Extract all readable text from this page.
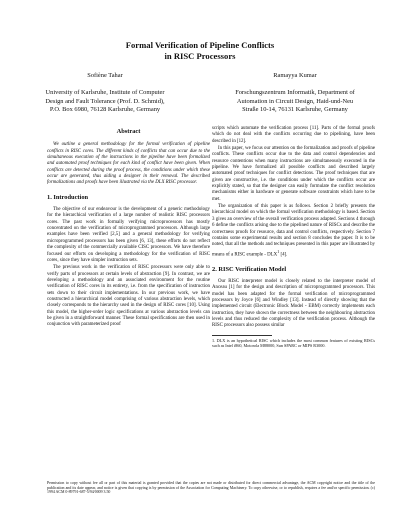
Formal Verification of Pipeline Conflicts
in RISC Processors
Sofiène Tahar
University of Karlsruhe, Institute of Computer
Design and Fault Tolerance (Prof. D. Schmid),
P.O. Box 6980, 76128 Karlsruhe, Germany
Ramayya Kumar
Forschungszentrum Informatik, Department of
Automation in Circuit Design, Haid-und-Neu
Straße 10-14, 76131 Karlsruhe, Germany
Abstract

We outline a general methodology for the formal verification of pipeline conflicts in RISC cores. The different kinds of conflicts that can occur due to the simultaneous execution of the instructions in the pipeline have been formalized and automated proof techniques for each kind of conflict have been given. When conflicts are detected during the proof process, the conditions under which these occur are generated, thus aiding a designer in their removal. The described formalizations and proofs have been illustrated via the DLX RISC processor.

1. Introduction

The objective of our endeavour is the development of a generic methodology for the hierarchical verification of a large number of realistic RISC processors cores. The past work in formally verifying microprocessors has mostly concentrated on the verification of microprogrammed processors. Although large examples have been verified [2,5] and a general methodology for verifying microprogrammed processors has been given [6, 13], these efforts do not reflect the complexity of the commercially available CISC processors. We have therefore focused our efforts on developing a methodology for the verification of RISC cores, since they have simpler instruction sets.

The previous work in the verification of RISC processors were only able to verify parts of processors at certain levels of abstraction [9]. In contrast, we are developing a methodology and an associated environment for the routine verification of RISC cores in its entirety, i.e. from the specification of instruction sets down to their circuit implementations. In our previous work, we have constructed a hierarchical model comprising of various abstraction levels, which closely corresponds to the hierarchy used in the design of RISC cores [10]. Using this model, the higher-order logic specifications at various abstraction levels can be given in a straightforward manner. These formal specifications are then used in conjunction with parameterized proof

scripts which automate the verification process [11]. Parts of the formal proofs which do not deal with the conflicts occurring due to pipelining, have been described in [12].

In this paper, we focus our attention on the formalization and proofs of pipeline conflicts. These conflicts occur due to the data and control dependencies and resource contentions when many instructions are simultaneously executed in the pipeline. We have formalized all possible conflicts and described largely automated proof techniques for conflict detections. The proof techniques that are given are constructive, i.e. the conditions under which the conflicts occur are explicitly stated, so that the designer can easily formulate the conflict resolution mechanisms either in hardware or generate software constraints which have to be met.

The organization of this paper is as follows. Section 2 briefly presents the hierarchical model on which the formal verification methodology is based. Section 3 gives an overview of the overall verification process adapted. Sections 4 through 6 define the conflicts arising due to the pipelined nature of RISCs and describe the correctness proofs for resource, data and control conflicts, respectively. Section 7 contains some experimental results and section 8 concludes the paper. It is to be noted, that all the methods and techniques presented in this paper are illustrated by means of a RISC example - DLX$^1$ [4].

2. RISC Verification Model

Our RISC interpreter model is closely related to the interpreter model of Anceau [1] for the design and description of microprogrammed processors. This model has been adapted for the formal verification of microprogrammed processors by Joyce [6] and Windley [13]. Instead of directly showing that the implemented circuit (Electronic Block Model - EBM) correctly implements each instruction, they have shown the correctness between the neighbouring abstraction levels and thus reduced the complexity of the verification process. Although the RISC processors also possess similar

1. DLX is an hypothetical RISC which includes the most common features of existing RISCs such as Intel i860, Motorola M88000, Sun SPARC or MIPS R3000.
Permission to copy without fee all or part of this material is granted provided that the copies are not made or distributed for direct commercial advantage, the ACM copyright notice and the title of the publication and its date appear, and notice is given that copying is by permission of the Association for Computing Machinery. To copy otherwise, or to republish, requires a fee and/or specific permission. (c) 1994 ACM 0-89791-687-5/94/0009 3.50
